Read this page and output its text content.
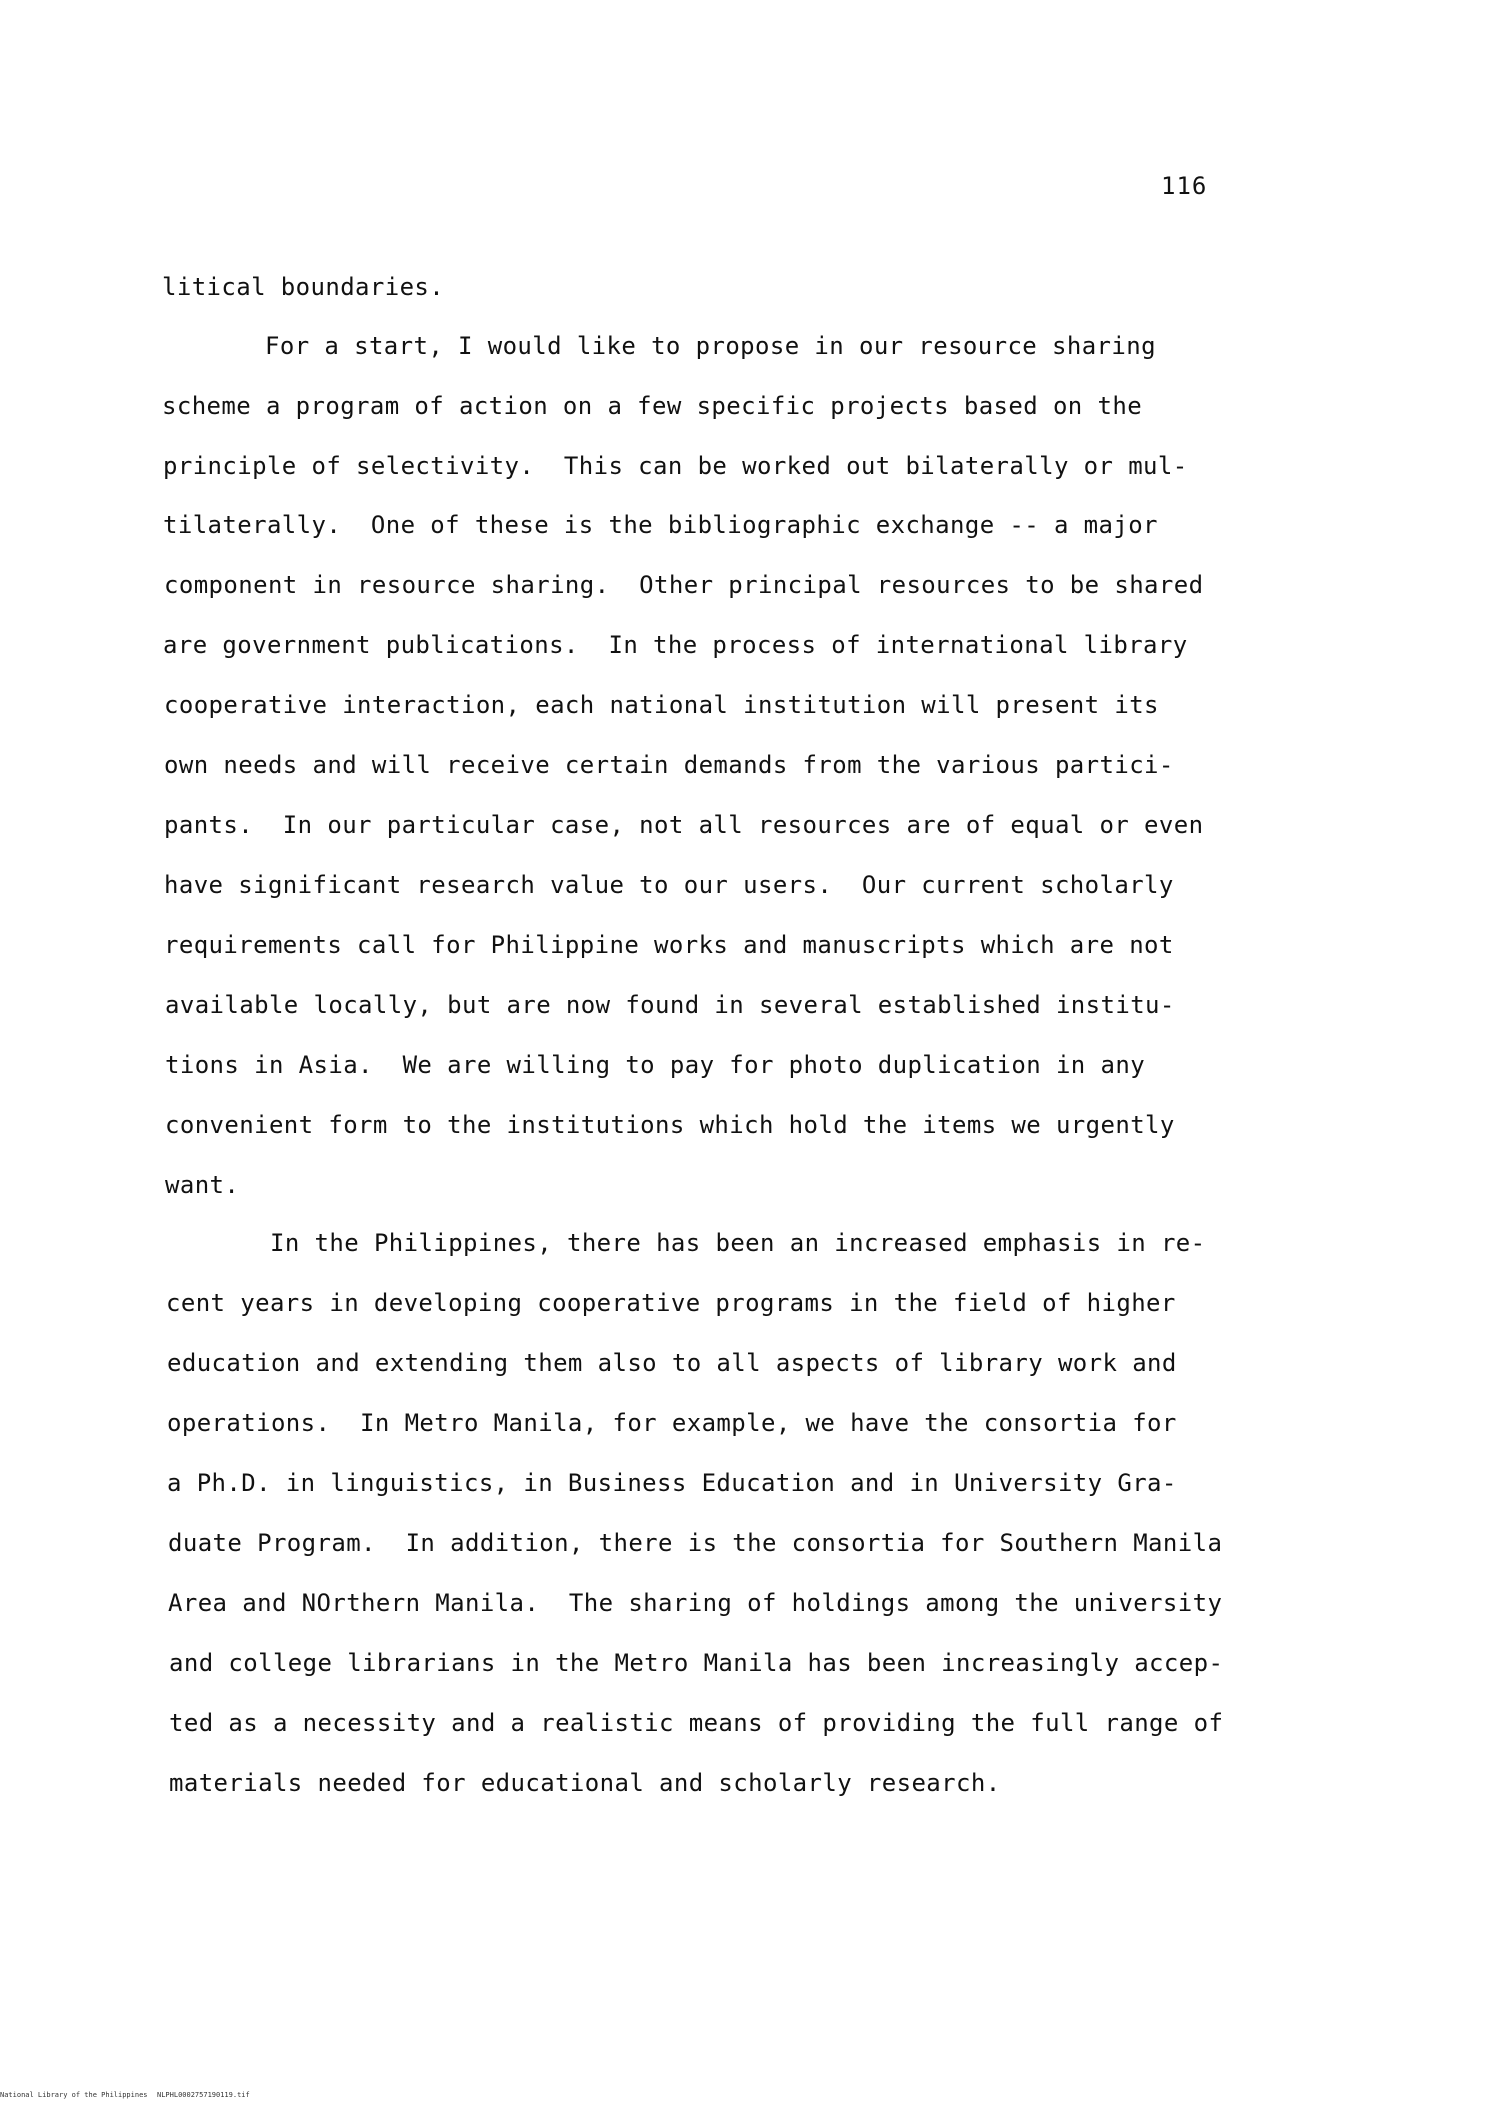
116
litical boundaries.
For a start, I would like to propose in our resource sharing
scheme a program of action on a few specific projects based on the
principle of selectivity.  This can be worked out bilaterally or mul-
tilaterally.  One of these is the bibliographic exchange -- a major
component in resource sharing.  Other principal resources to be shared
are government publications.  In the process of international library
cooperative interaction, each national institution will present its
own needs and will receive certain demands from the various partici-
pants.  In our particular case, not all resources are of equal or even
have significant research value to our users.  Our current scholarly
requirements call for Philippine works and manuscripts which are not
available locally, but are now found in several established institu-
tions in Asia.  We are willing to pay for photo duplication in any
convenient form to the institutions which hold the items we urgently
want.
In the Philippines, there has been an increased emphasis in re-
cent years in developing cooperative programs in the field of higher
education and extending them also to all aspects of library work and
operations.  In Metro Manila, for example, we have the consortia for
a Ph.D. in linguistics, in Business Education and in University Gra-
duate Program.  In addition, there is the consortia for Southern Manila
Area and NOrthern Manila.  The sharing of holdings among the university
and college librarians in the Metro Manila has been increasingly accep-
ted as a necessity and a realistic means of providing the full range of
materials needed for educational and scholarly research.
National Library of the Philippines NLPHL0002757190119.tif
